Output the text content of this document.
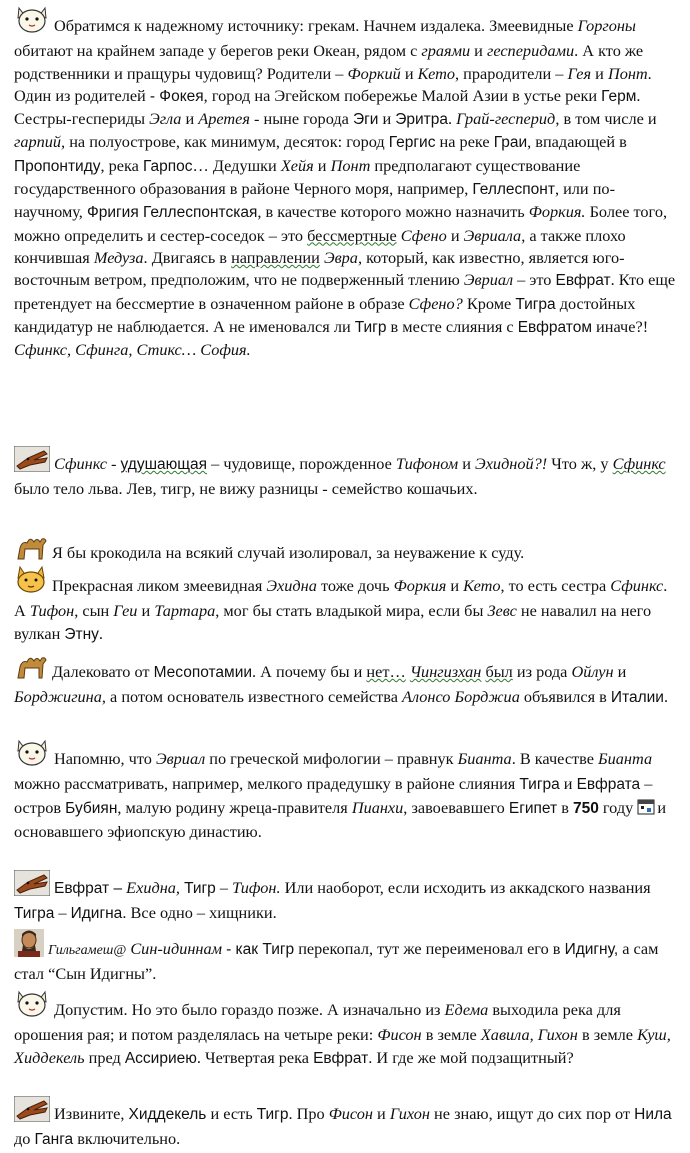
Обратимся к надежному источнику: грекам. Начнем издалека. Змеевидные Горгоны обитают на крайнем западе у берегов реки Океан, рядом с граями и гесперидами. А кто же родственники и пращуры чудовищ? Родители – Форкий и Кето, прародители – Гея и Понт. Один из родителей - Фокея, город на Эгейском побережье Малой Азии в устье реки Герм. Сестры-геспериды Эгла и Аретея - ныне города Эги и Эритра. Грай-гесперид, в том числе и гарпий, на полуострове, как минимум, десяток: город Гергис на реке Граи, впадающей в Пропонтиду, река Гарпос… Дедушки Хейя и Понт предполагают существование государственного образования в районе Черного моря, например, Геллеспонт, или по-научному, Фригия Геллеспонтская, в качестве которого можно назначить Форкия. Более того, можно определить и сестер-соседок – это бессмертные Сфено и Эвриала, а также плохо кончившая Медуза. Двигаясь в направлении Эвра, который, как известно, является юго-восточным ветром, предположим, что не подверженный тлению Эвриал – это Евфрат. Кто еще претендует на бессмертие в означенном районе в образе Сфено? Кроме Тигра достойных кандидатур не наблюдается. А не именовался ли Тигр в месте слияния с Евфратом иначе?! Сфинкс, Сфинга, Стикс… София.

Сфинкс - удушающая – чудовище, порожденное Тифоном и Эхидной?! Что ж, у Сфинкс было тело льва. Лев, тигр, не вижу разницы - семейство кошачьих.

Я бы крокодила на всякий случай изолировал, за неуважение к суду.

Прекрасная ликом змеевидная Эхидна тоже дочь Форкия и Кето, то есть сестра Сфинкс. А Тифон, сын Геи и Тартара, мог бы стать владыкой мира, если бы Зевс не навалил на него вулкан Этну.

Далековато от Месопотамии. А почему бы и нет… Чингизхан был из рода Ойлун и Борджигина, а потом основатель известного семейства Алонсо Борджиа объявился в Италии.

Напомню, что Эвриал по греческой мифологии – правнук Бианта. В качестве Бианта можно рассматривать, например, мелкого прадедушку в районе слияния Тигра и Евфрата – остров Бубиян, малую родину жреца-правителя Пианхи, завоевавшего Египет в 750 году и основавшего эфиопскую династию.

Евфрат – Ехидна, Тигр – Тифон. Или наоборот, если исходить из аккадского названия Тигра – Идигна. Все одно – хищники.

Гильгамеш@ Син-идиннам - как Тигр перекопал, тут же переименовал его в Идигну, а сам стал “Сын Идигны”.

Допустим. Но это было гораздо позже. А изначально из Едема выходила река для орошения рая; и потом разделялась на четыре реки: Фисон в земле Хавила, Гихон в земле Куш, Хиддекель пред Ассириею. Четвертая река Евфрат. И где же мой подзащитный?

Извините, Хиддекель и есть Тигр. Про Фисон и Гихон не знаю, ищут до сих пор от Нила до Ганга включительно.
